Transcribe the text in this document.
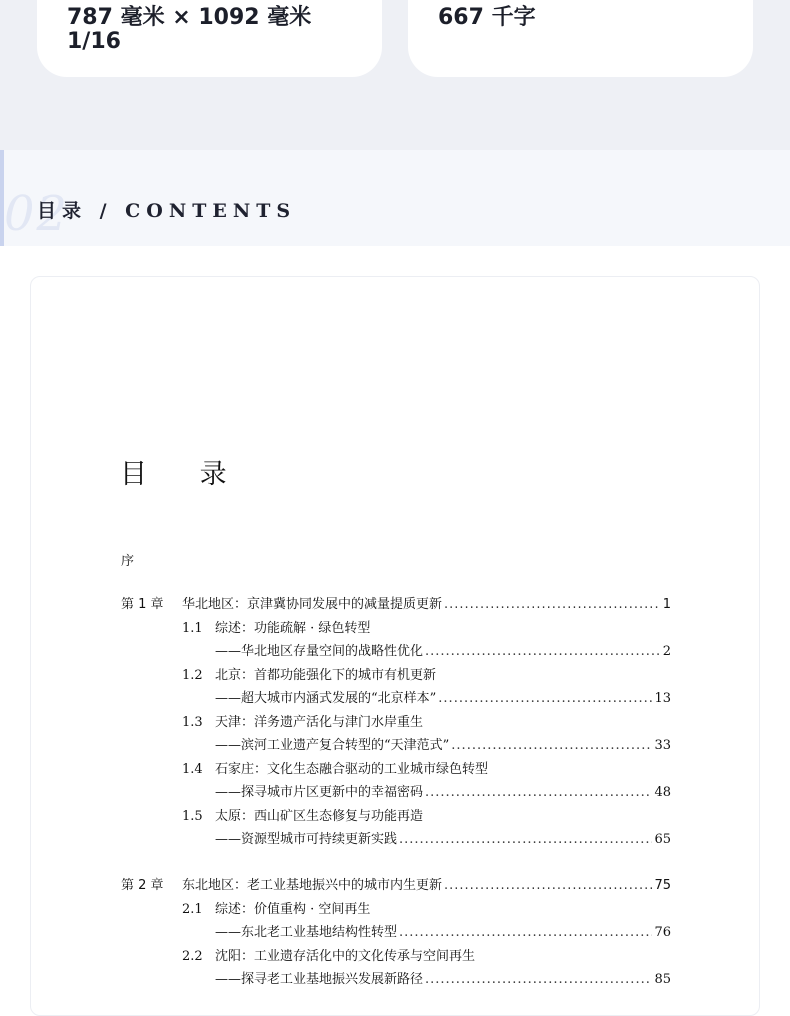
787 毫米 × 1092 毫米
1/16

667 千字

02
目录 / CONTENTS
目 录
序
第 1 章	华北地区：京津冀协同发展中的减量提质更新 .....	1
1.1 综述：功能疏解 · 绿色转型
——华北地区存量空间的战略性优化 .....	2
1.2 北京：首都功能强化下的城市有机更新
——超大城市内涵式发展的“北京样本” .....	13
1.3 天津：洋务遗产活化与津门水岸重生
——滨河工业遗产复合转型的“天津范式” .....	33
1.4 石家庄：文化生态融合驱动的工业城市绿色转型
——探寻城市片区更新中的幸福密码 .....	48
1.5 太原：西山矿区生态修复与功能再造
——资源型城市可持续更新实践 .....	65
第 2 章	东北地区：老工业基地振兴中的城市内生更新 .....	75
2.1 综述：价值重构 · 空间再生
——东北老工业基地结构性转型 .....	76
2.2 沈阳：工业遗存活化中的文化传承与空间再生
——探寻老工业基地振兴发展新路径 .....	85
